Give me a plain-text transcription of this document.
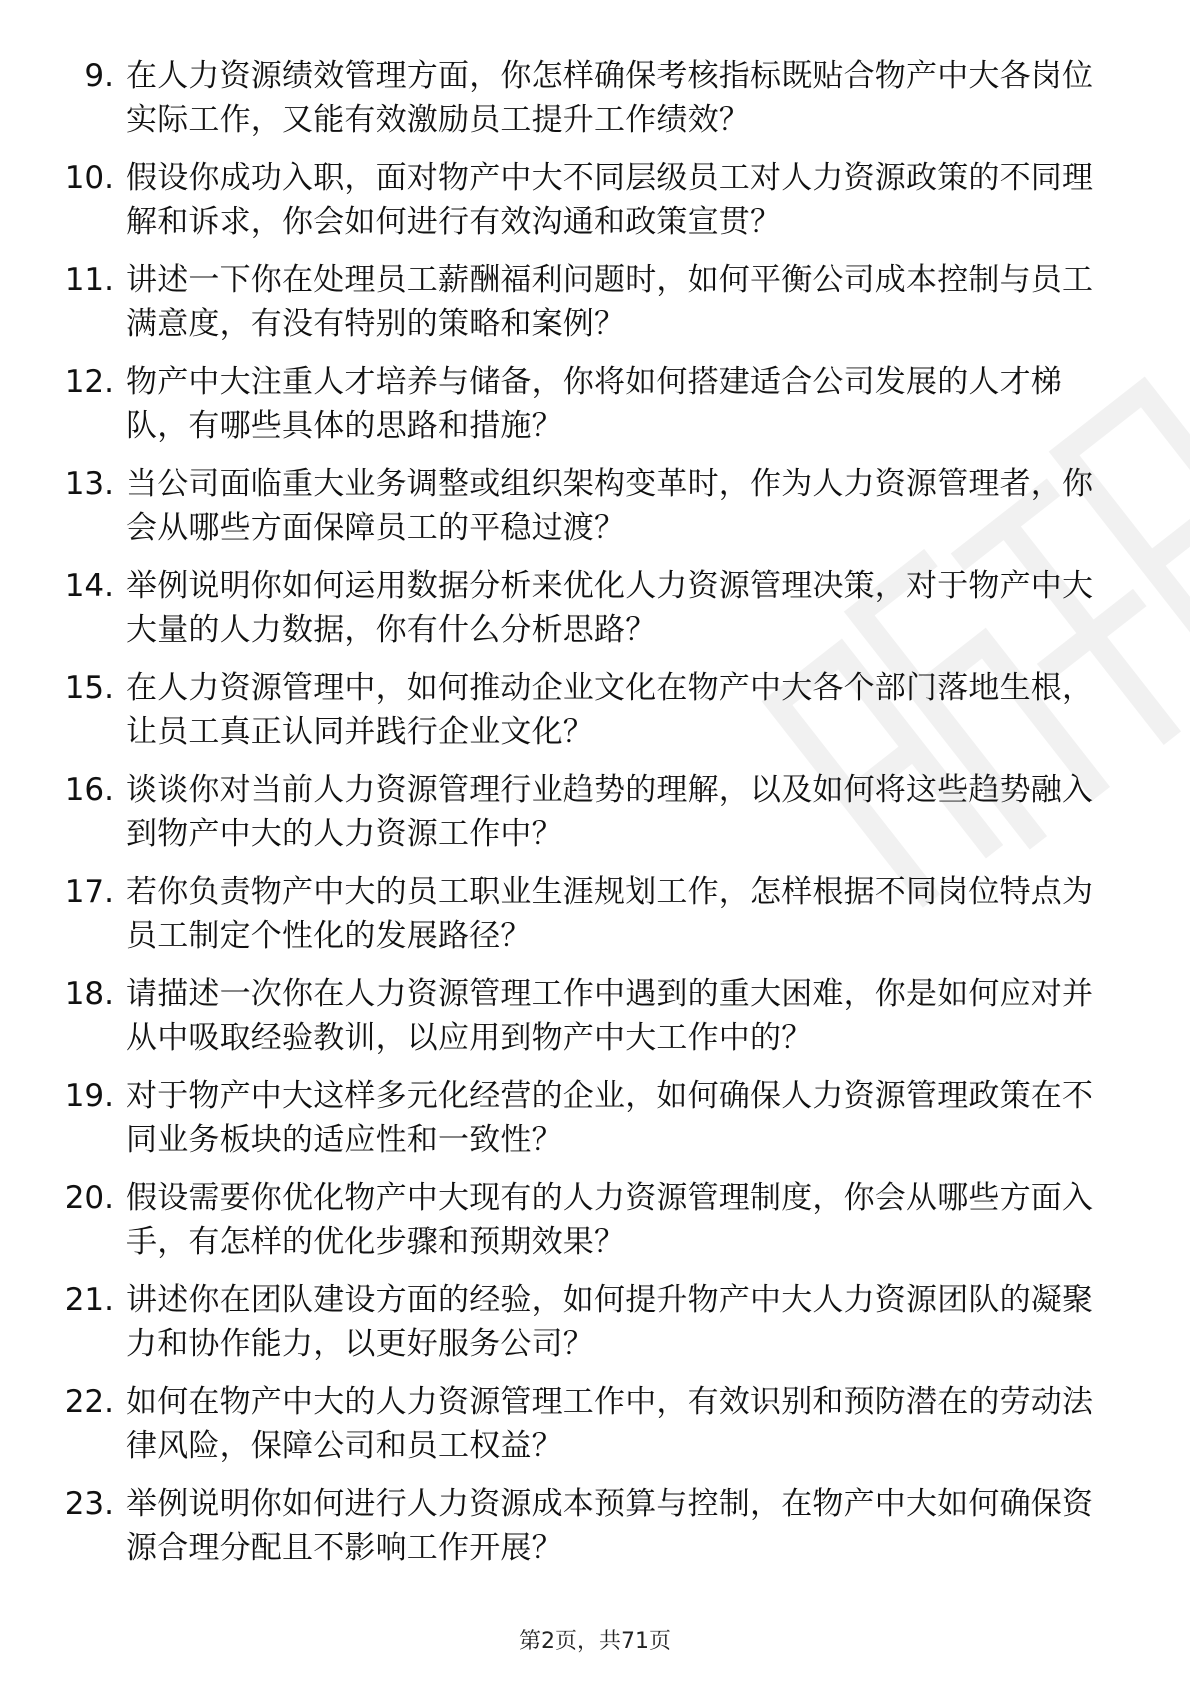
9. 在人力资源绩效管理方面，你怎样确保考核指标既贴合物产中大各岗位实际工作，又能有效激励员工提升工作绩效？
10. 假设你成功入职，面对物产中大不同层级员工对人力资源政策的不同理解和诉求，你会如何进行有效沟通和政策宣贯？
11. 讲述一下你在处理员工薪酬福利问题时，如何平衡公司成本控制与员工满意度，有没有特别的策略和案例？
12. 物产中大注重人才培养与储备，你将如何搭建适合公司发展的人才梯队，有哪些具体的思路和措施？
13. 当公司面临重大业务调整或组织架构变革时，作为人力资源管理者，你会从哪些方面保障员工的平稳过渡？
14. 举例说明你如何运用数据分析来优化人力资源管理决策，对于物产中大大量的人力数据，你有什么分析思路？
15. 在人力资源管理中，如何推动企业文化在物产中大各个部门落地生根，让员工真正认同并践行企业文化？
16. 谈谈你对当前人力资源管理行业趋势的理解，以及如何将这些趋势融入到物产中大的人力资源工作中？
17. 若你负责物产中大的员工职业生涯规划工作，怎样根据不同岗位特点为员工制定个性化的发展路径？
18. 请描述一次你在人力资源管理工作中遇到的重大困难，你是如何应对并从中吸取经验教训，以应用到物产中大工作中的？
19. 对于物产中大这样多元化经营的企业，如何确保人力资源管理政策在不同业务板块的适应性和一致性？
20. 假设需要你优化物产中大现有的人力资源管理制度，你会从哪些方面入手，有怎样的优化步骤和预期效果？
21. 讲述你在团队建设方面的经验，如何提升物产中大人力资源团队的凝聚力和协作能力，以更好服务公司？
22. 如何在物产中大的人力资源管理工作中，有效识别和预防潜在的劳动法律风险，保障公司和员工权益？
23. 举例说明你如何进行人力资源成本预算与控制，在物产中大如何确保资源合理分配且不影响工作开展？
第2页，共71页
